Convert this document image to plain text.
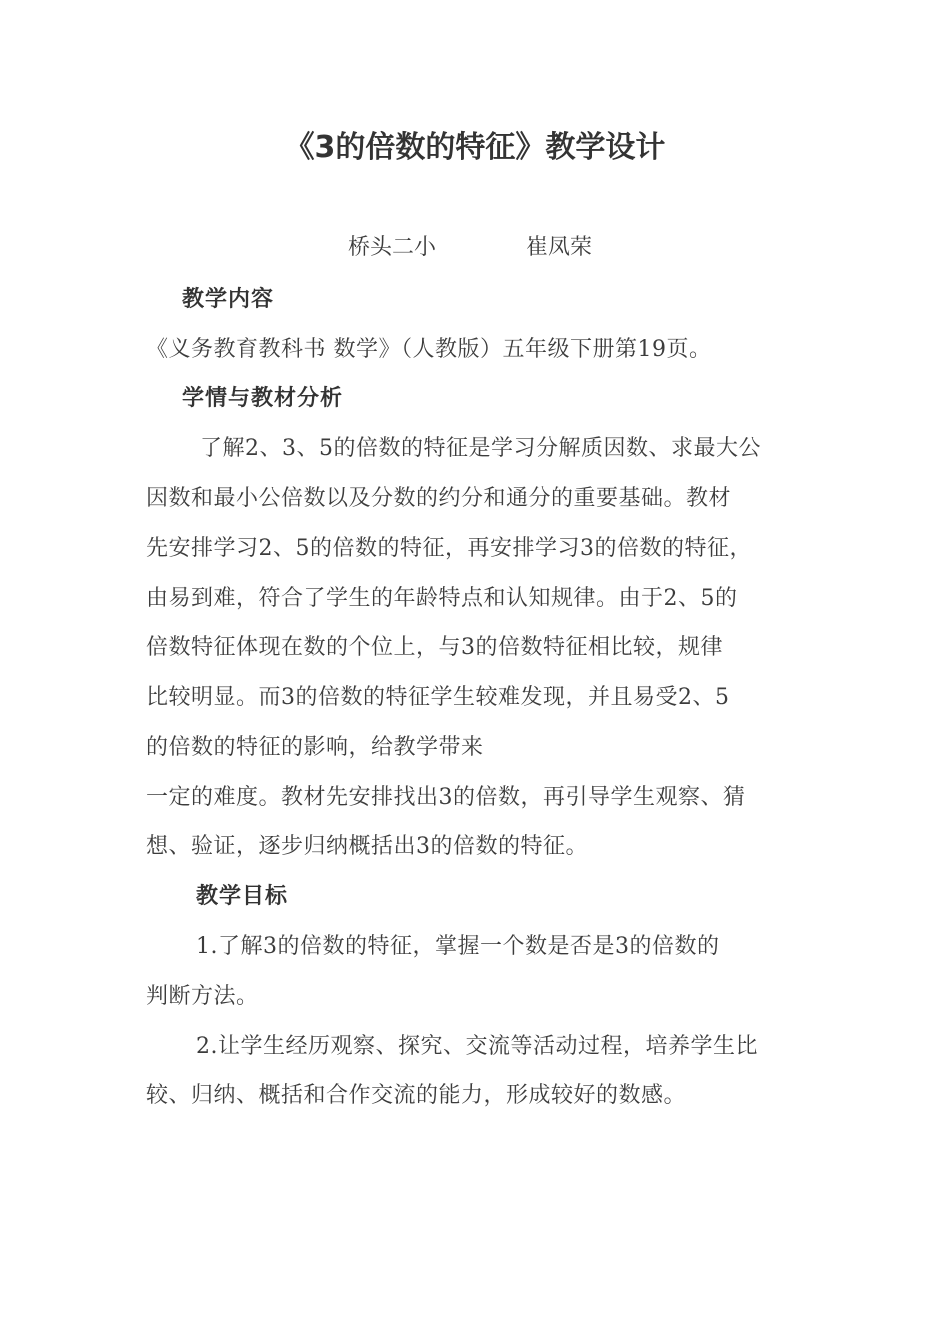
《3的倍数的特征》教学设计
桥头二小	崔凤荣
教学内容
《义务教育教科书 数学》（人教版）五年级下册第19页。
学情与教材分析
了解2、3、5的倍数的特征是学习分解质因数、求最大公
因数和最小公倍数以及分数的约分和通分的重要基础。教材
先安排学习2、5的倍数的特征，再安排学习3的倍数的特征，
由易到难，符合了学生的年龄特点和认知规律。由于2、5的
倍数特征体现在数的个位上，与3的倍数特征相比较，规律
比较明显。而3的倍数的特征学生较难发现，并且易受2、5
的倍数的特征的影响，给教学带来
一定的难度。教材先安排找出3的倍数，再引导学生观察、猜
想、验证，逐步归纳概括出3的倍数的特征。
教学目标
1.了解3的倍数的特征，掌握一个数是否是3的倍数的
判断方法。
2.让学生经历观察、探究、交流等活动过程，培养学生比
较、归纳、概括和合作交流的能力，形成较好的数感。
